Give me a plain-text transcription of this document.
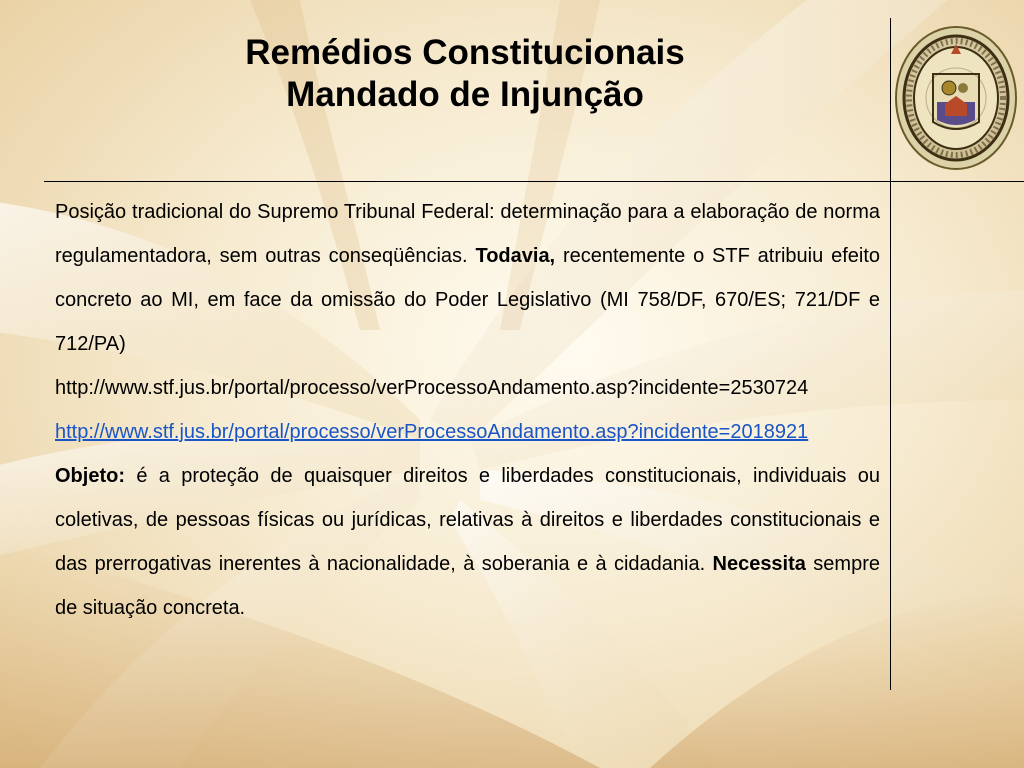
Remédios Constitucionais
Mandado de Injunção

Posição tradicional do Supremo Tribunal Federal: determinação para a elaboração de norma regulamentadora, sem outras conseqüências. Todavia, recentemente o STF atribuiu efeito concreto ao MI, em face da omissão do Poder Legislativo (MI 758/DF, 670/ES; 721/DF e 712/PA)

http://www.stf.jus.br/portal/processo/verProcessoAndamento.asp?incidente=2530724

http://www.stf.jus.br/portal/processo/verProcessoAndamento.asp?incidente=2018921

Objeto: é a proteção de quaisquer direitos e liberdades constitucionais, individuais ou coletivas, de pessoas físicas ou jurídicas, relativas à direitos e liberdades constitucionais e das prerrogativas inerentes à nacionalidade, à soberania e à cidadania. Necessita sempre de situação concreta.
